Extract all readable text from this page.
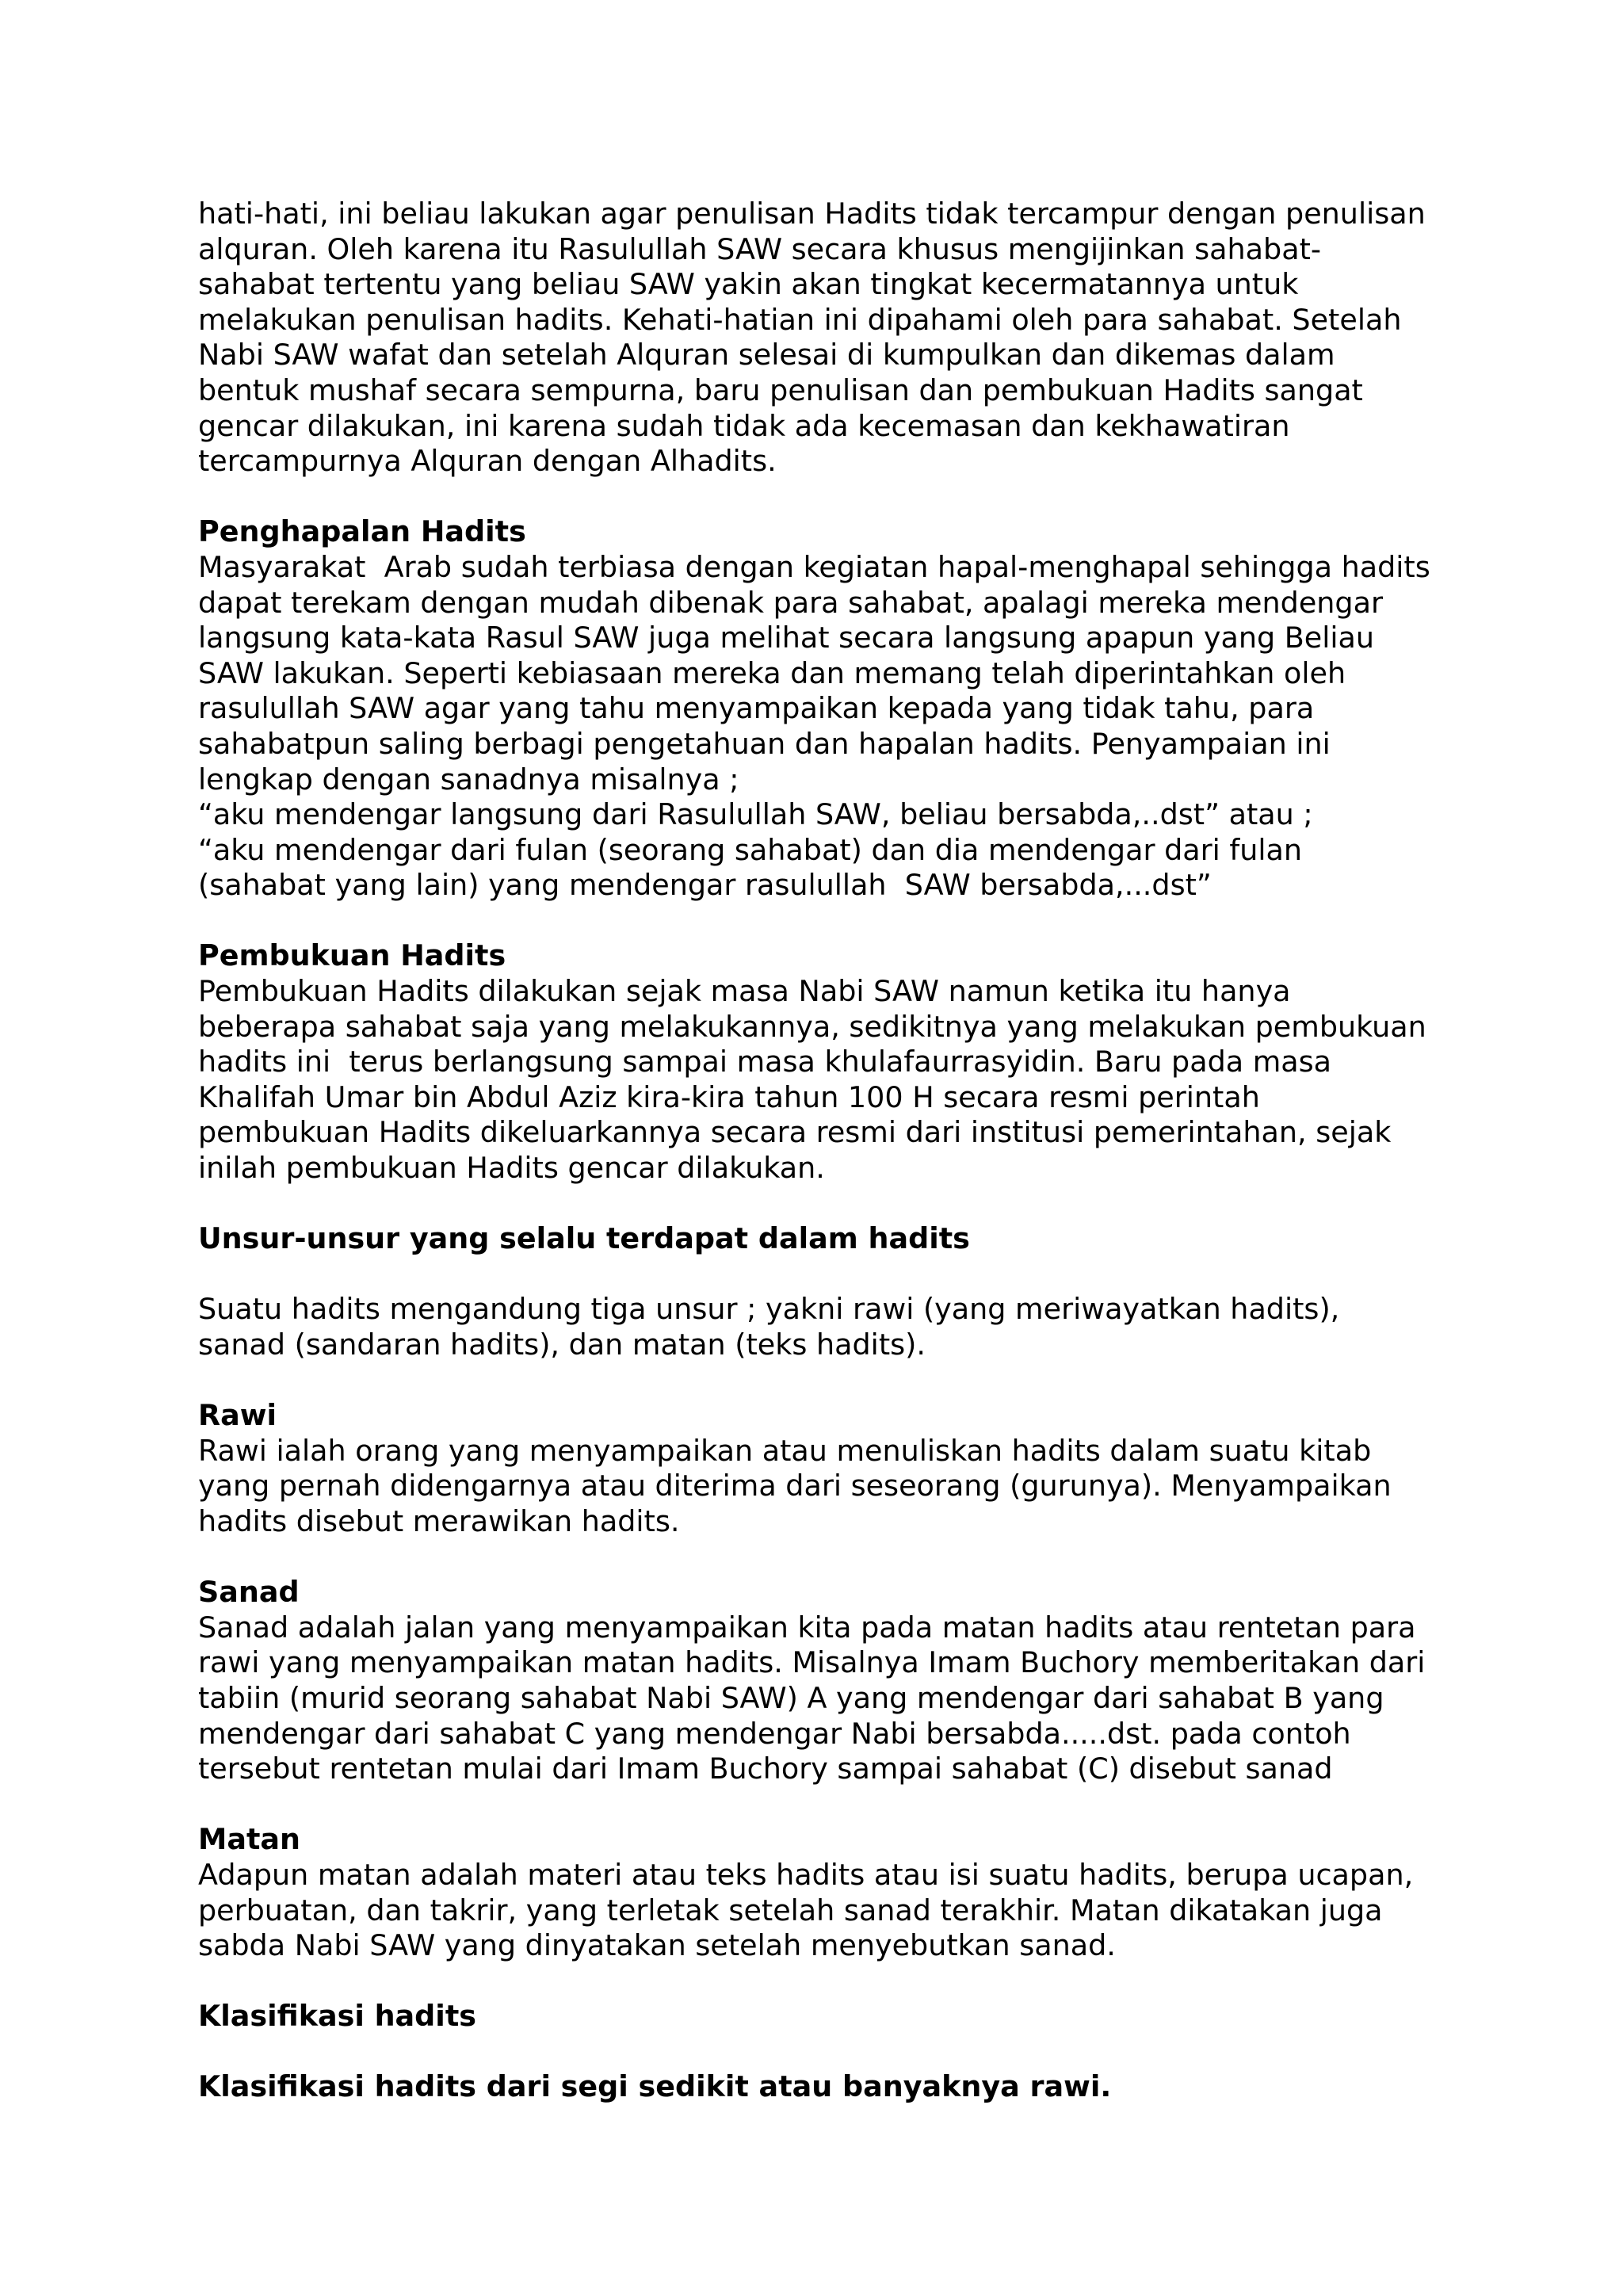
hati-hati, ini beliau lakukan agar penulisan Hadits tidak tercampur dengan penulisan
alquran. Oleh karena itu Rasulullah SAW secara khusus mengijinkan sahabat-
sahabat tertentu yang beliau SAW yakin akan tingkat kecermatannya untuk
melakukan penulisan hadits. Kehati-hatian ini dipahami oleh para sahabat. Setelah
Nabi SAW wafat dan setelah Alquran selesai di kumpulkan dan dikemas dalam
bentuk mushaf secara sempurna, baru penulisan dan pembukuan Hadits sangat
gencar dilakukan, ini karena sudah tidak ada kecemasan dan kekhawatiran
tercampurnya Alquran dengan Alhadits.
Penghapalan Hadits
Masyarakat  Arab sudah terbiasa dengan kegiatan hapal-menghapal sehingga hadits
dapat terekam dengan mudah dibenak para sahabat, apalagi mereka mendengar
langsung kata-kata Rasul SAW juga melihat secara langsung apapun yang Beliau
SAW lakukan. Seperti kebiasaan mereka dan memang telah diperintahkan oleh
rasulullah SAW agar yang tahu menyampaikan kepada yang tidak tahu, para
sahabatpun saling berbagi pengetahuan dan hapalan hadits. Penyampaian ini
lengkap dengan sanadnya misalnya ;
“aku mendengar langsung dari Rasulullah SAW, beliau bersabda,..dst” atau ;
“aku mendengar dari fulan (seorang sahabat) dan dia mendengar dari fulan
(sahabat yang lain) yang mendengar rasulullah  SAW bersabda,...dst”
Pembukuan Hadits
Pembukuan Hadits dilakukan sejak masa Nabi SAW namun ketika itu hanya
beberapa sahabat saja yang melakukannya, sedikitnya yang melakukan pembukuan
hadits ini  terus berlangsung sampai masa khulafaurrasyidin. Baru pada masa
Khalifah Umar bin Abdul Aziz kira-kira tahun 100 H secara resmi perintah
pembukuan Hadits dikeluarkannya secara resmi dari institusi pemerintahan, sejak
inilah pembukuan Hadits gencar dilakukan.
Unsur-unsur yang selalu terdapat dalam hadits
Suatu hadits mengandung tiga unsur ; yakni rawi (yang meriwayatkan hadits),
sanad (sandaran hadits), dan matan (teks hadits).
Rawi
Rawi ialah orang yang menyampaikan atau menuliskan hadits dalam suatu kitab
yang pernah didengarnya atau diterima dari seseorang (gurunya). Menyampaikan
hadits disebut merawikan hadits.
Sanad
Sanad adalah jalan yang menyampaikan kita pada matan hadits atau rentetan para
rawi yang menyampaikan matan hadits. Misalnya Imam Buchory memberitakan dari
tabiin (murid seorang sahabat Nabi SAW) A yang mendengar dari sahabat B yang
mendengar dari sahabat C yang mendengar Nabi bersabda.....dst. pada contoh
tersebut rentetan mulai dari Imam Buchory sampai sahabat (C) disebut sanad
Matan
Adapun matan adalah materi atau teks hadits atau isi suatu hadits, berupa ucapan,
perbuatan, dan takrir, yang terletak setelah sanad terakhir. Matan dikatakan juga
sabda Nabi SAW yang dinyatakan setelah menyebutkan sanad.
Klasifikasi hadits
Klasifikasi hadits dari segi sedikit atau banyaknya rawi.
